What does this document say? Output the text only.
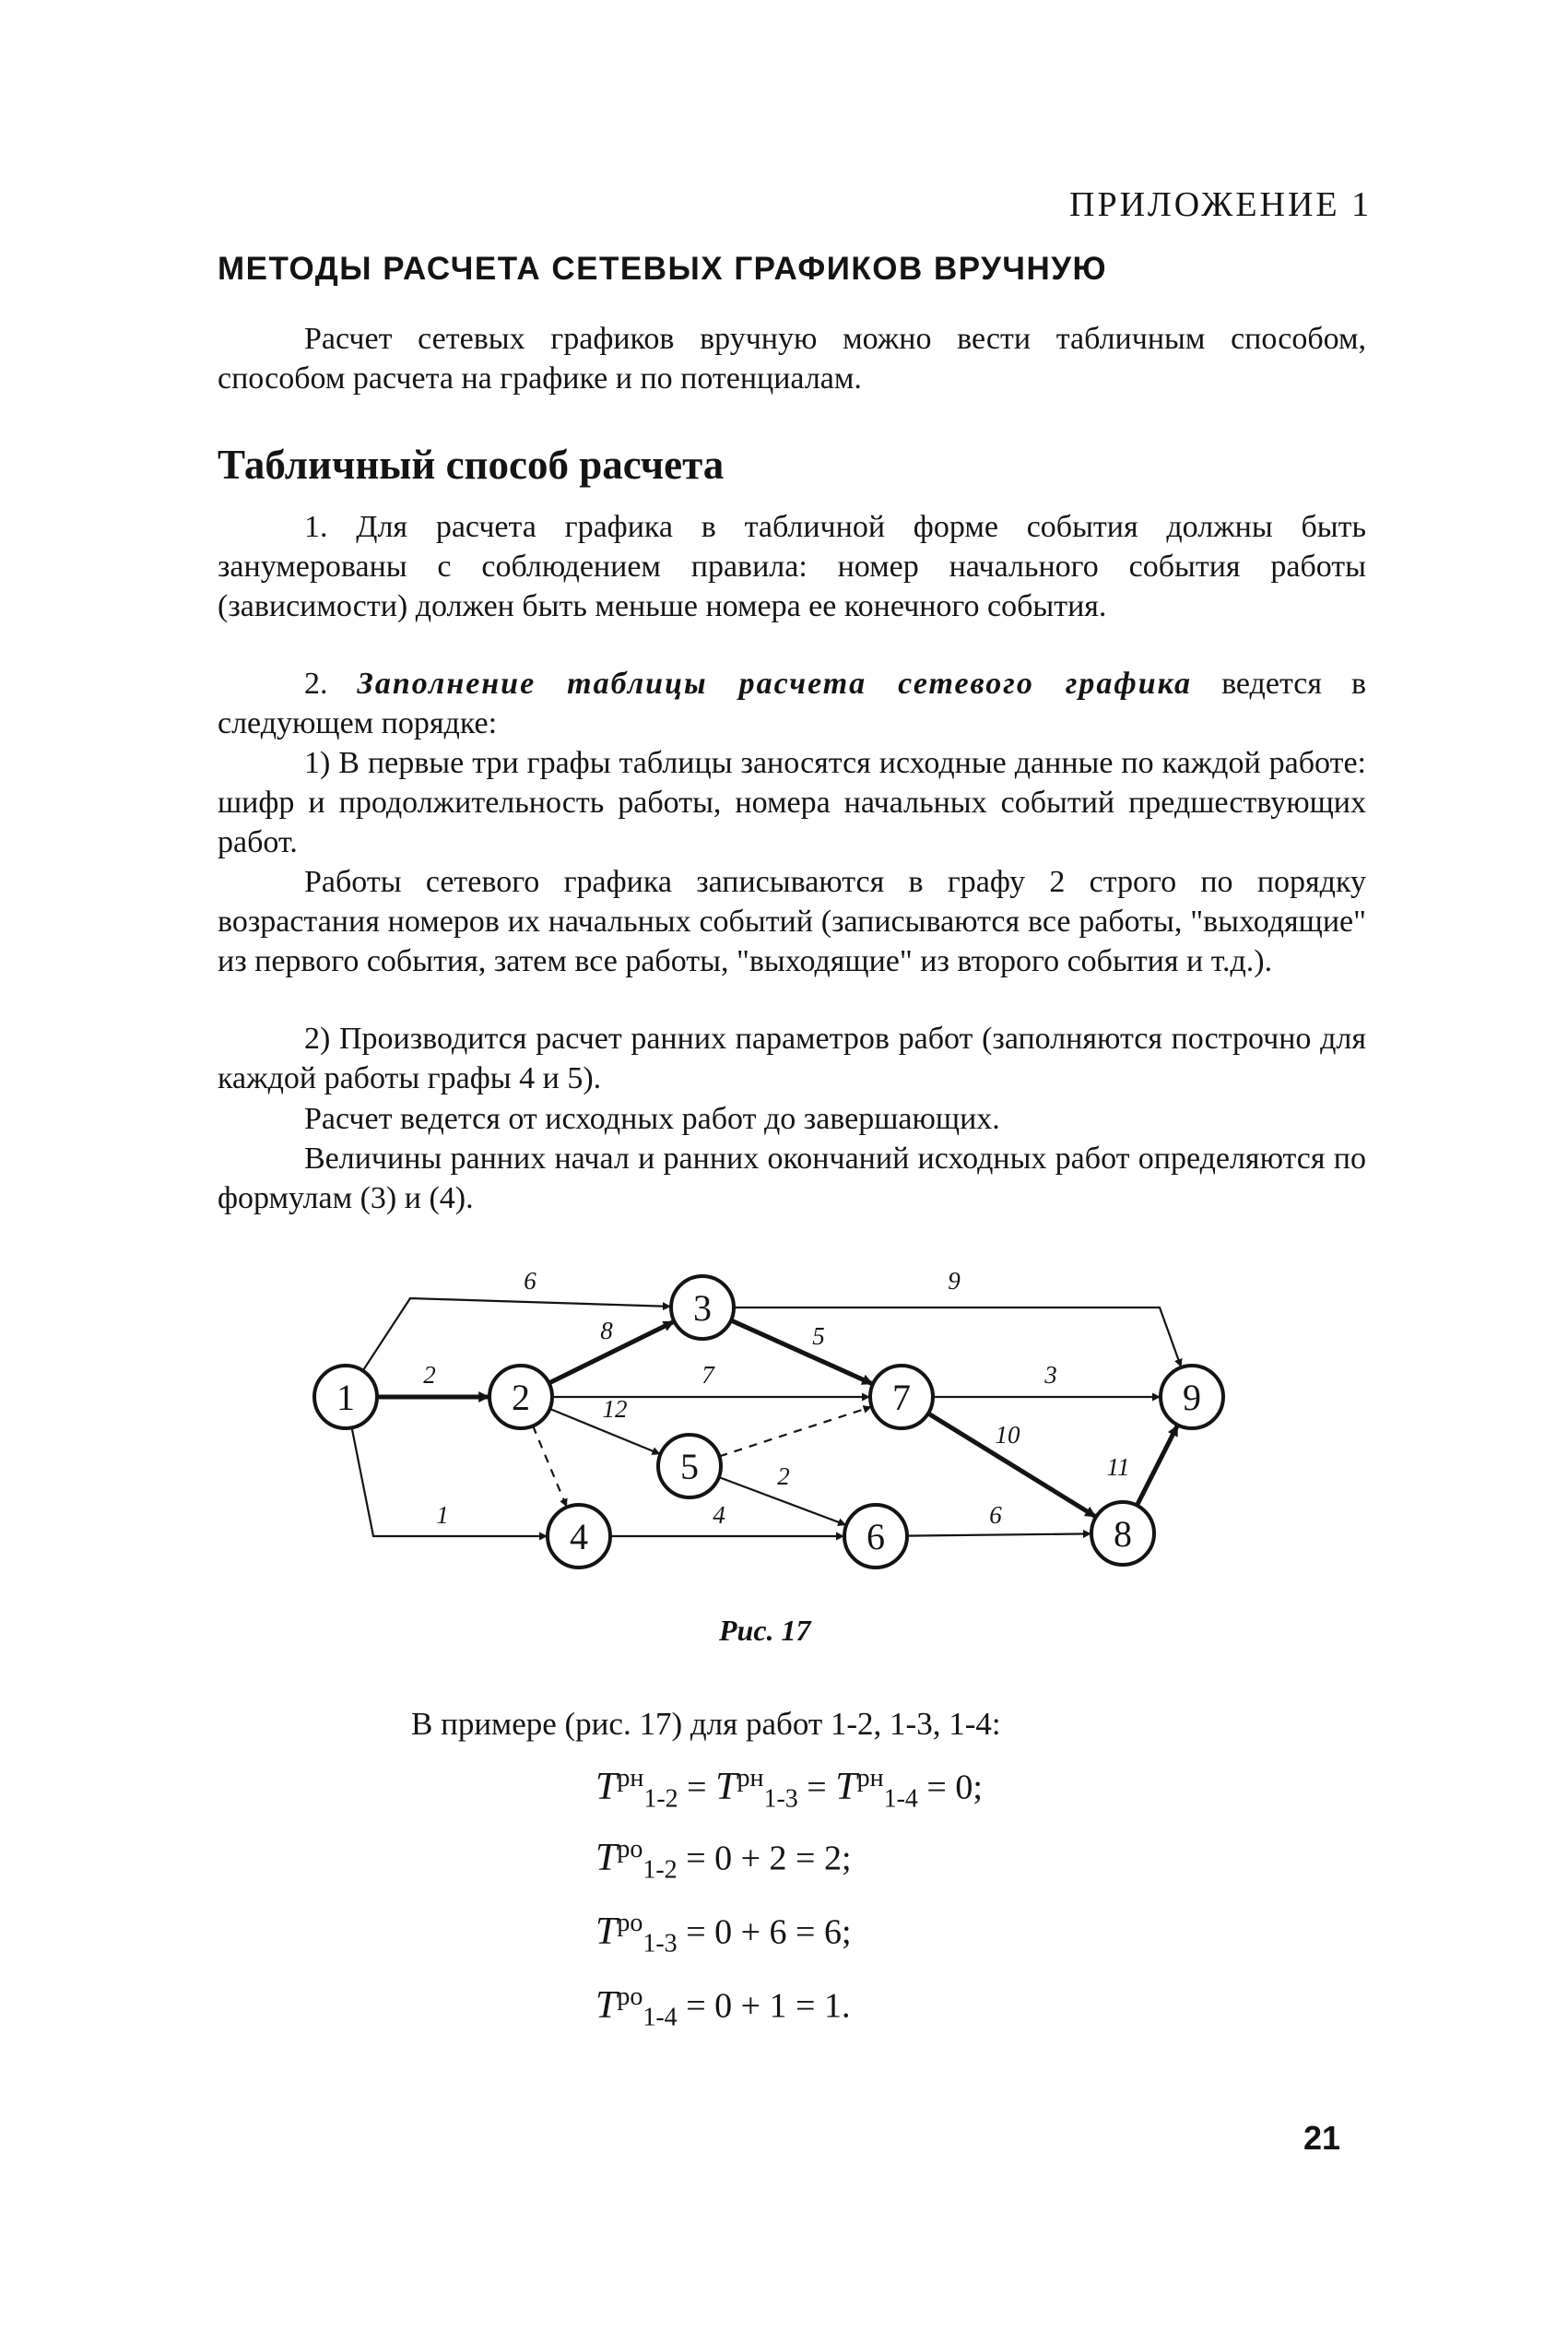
ПРИЛОЖЕНИЕ 1
МЕТОДЫ РАСЧЕТА СЕТЕВЫХ ГРАФИКОВ ВРУЧНУЮ
Расчет сетевых графиков вручную можно вести табличным способом, способом расчета на графике и по потенциалам.
Табличный способ расчета
1. Для расчета графика в табличной форме события должны быть занумерованы с соблюдением правила: номер начального события работы (зависимости) должен быть меньше номера ее конечного события.
2. Заполнение таблицы расчета сетевого графика ведется в следующем порядке:
1) В первые три графы таблицы заносятся исходные данные по каждой работе: шифр и продолжительность работы, номера начальных событий предшествующих работ.
Работы сетевого графика записываются в графу 2 строго по порядку возрастания номеров их начальных событий (записываются все работы, "выходящие" из первого события, затем все работы, "выходящие" из второго события и т.д.).
2) Производится расчет ранних параметров работ (заполняются построчно для каждой работы графы 4 и 5).
Расчет ведется от исходных работ до завершающих.
Величины ранних начал и ранних окончаний исходных работ определяются по формулам (3) и (4).
2
6
1
8
7
12
5
9
2
4
3
10
6
11
1	2
3
4
5
6
7
8
9
Рис. 17
В примере (рис. 17) для работ 1-2, 1-3, 1-4:
$T^{рн}_{1-2} = T^{рн}_{1-3} = T^{рн}_{1-4} = 0$;
$T^{ро}_{1-2} = 0 + 2 = 2$;
$T^{ро}_{1-3} = 0 + 6 = 6$;
$T^{ро}_{1-4} = 0 + 1 = 1$.
21
